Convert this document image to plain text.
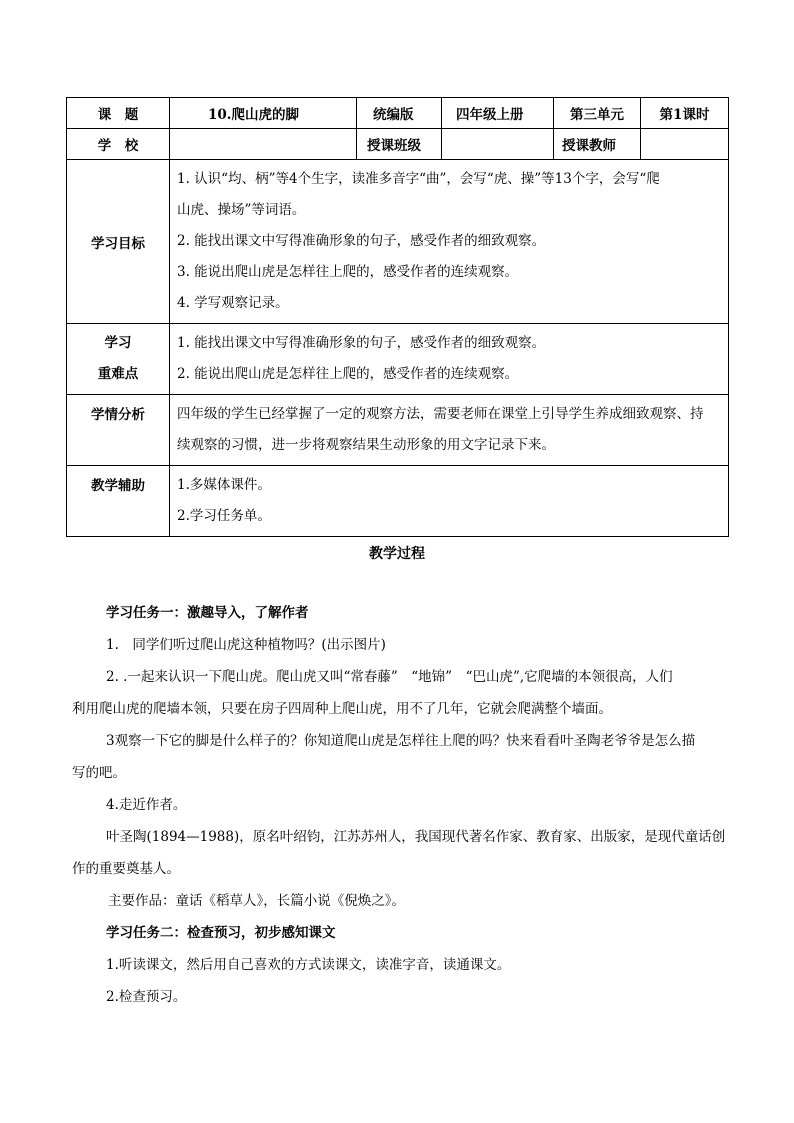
课　题	10.爬山虎的脚	统编版	四年级上册	第三单元	第1课时
学　校		授课班级		授课教师	
学习目标	1. 认识“均、柄”等4个生字，读准多音字“曲”，会写“虎、操”等13个字，会写“爬
山虎、操场”等词语。
2. 能找出课文中写得准确形象的句子，感受作者的细致观察。
3. 能说出爬山虎是怎样往上爬的，感受作者的连续观察。
4. 学写观察记录。				

学习
重难点	1. 能找出课文中写得准确形象的句子，感受作者的细致观察。
2. 能说出爬山虎是怎样往上爬的，感受作者的连续观察。				

学情分析	四年级的学生已经掌握了一定的观察方法，需要老师在课堂上引导学生养成细致观察、持
续观察的习惯，进一步将观察结果生动形象的用文字记录下来。				

教学辅助	1.多媒体课件。
2.学习任务单。				
教学过程
学习任务一：激趣导入，了解作者
1.　同学们听过爬山虎这种植物吗？(出示图片)
2. .一起来认识一下爬山虎。爬山虎又叫“常春藤”　“地锦”　“巴山虎”,它爬墙的本领很高，人们
利用爬山虎的爬墙本领，只要在房子四周种上爬山虎，用不了几年，它就会爬满整个墙面。
3观察一下它的脚是什么样子的？你知道爬山虎是怎样往上爬的吗？快来看看叶圣陶老爷爷是怎么描
写的吧。
4.走近作者。
叶圣陶(1894—1988)，原名叶绍钧，江苏苏州人，我国现代著名作家、教育家、出版家，是现代童话创
作的重要奠基人。
主要作品：童话《稻草人》，长篇小说《倪焕之》。
学习任务二：检查预习，初步感知课文
1.听读课文，然后用自己喜欢的方式读课文，读准字音，读通课文。
2.检查预习。
